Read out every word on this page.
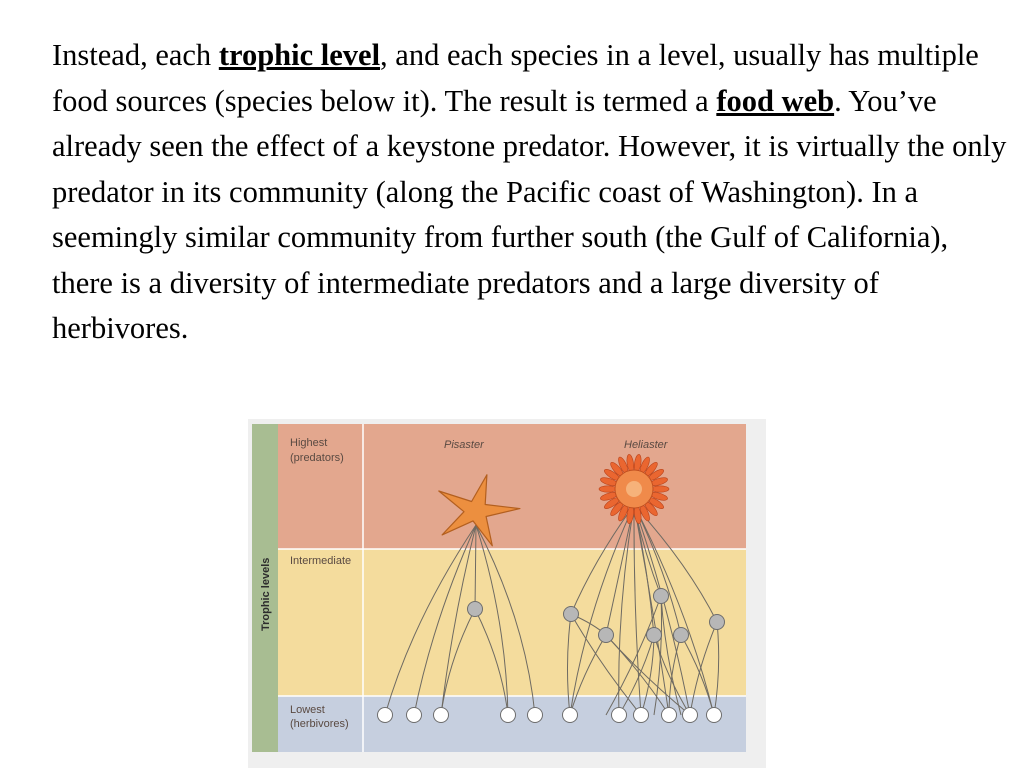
Instead, each trophic level, and each species in a level, usually has multiple food sources (species below it). The result is termed a food web. You’ve already seen the effect of a keystone predator. However, it is virtually the only predator in its community (along the Pacific coast of Washington). In a seemingly similar community from further south (the Gulf of California), there is a diversity of intermediate predators and a large diversity of herbivores.

Trophic levels
Highest
(predators)
Intermediate
Lowest
(herbivores)
Pisaster	Heliaster
